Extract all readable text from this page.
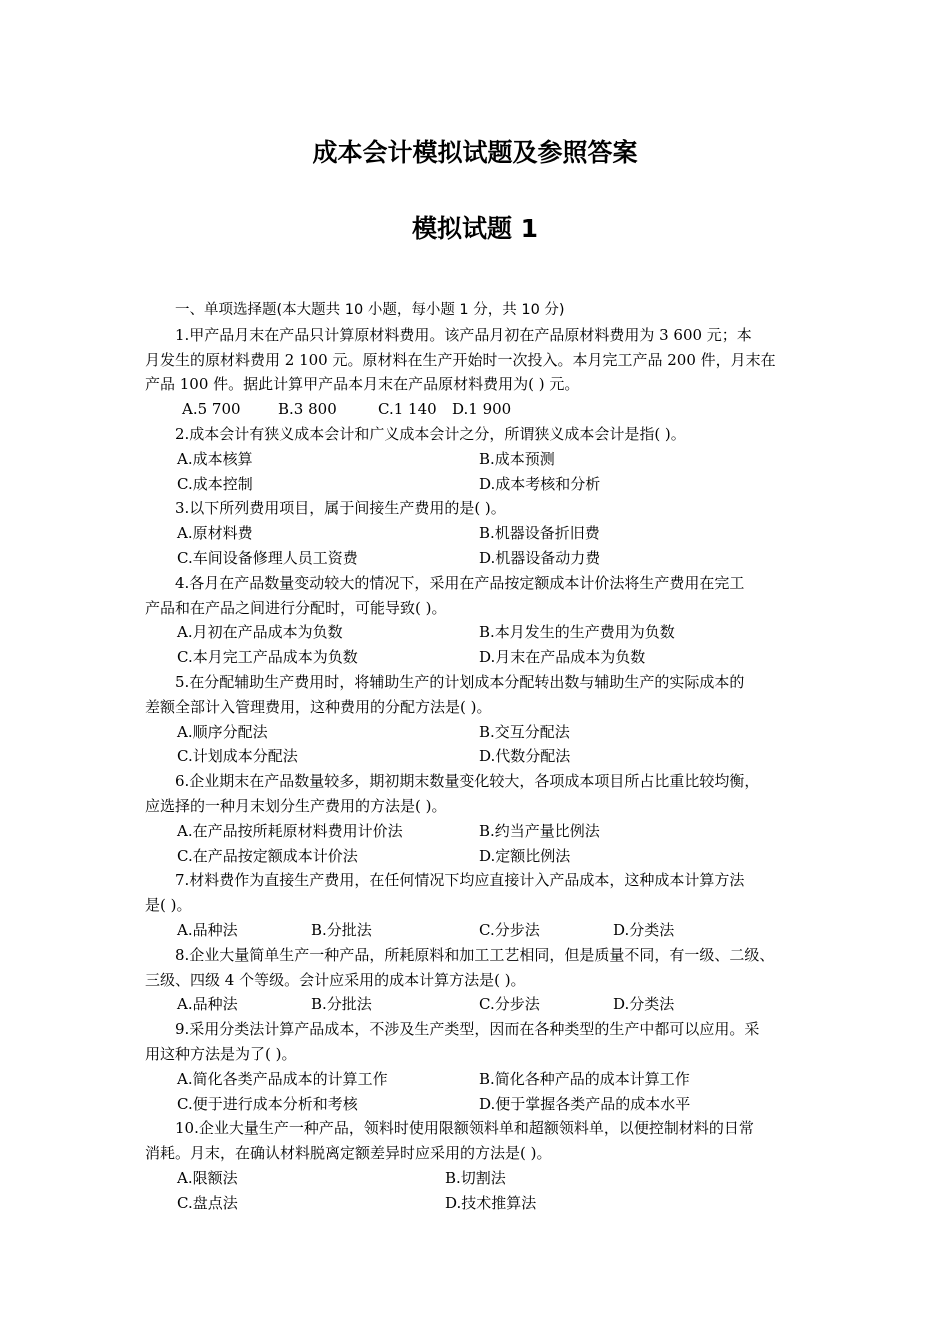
成本会计模拟试题及参照答案
模拟试题 1
一、单项选择题(本大题共 10 小题，每小题 1 分，共 10 分)
1.甲产品月末在产品只计算原材料费用。该产品月初在产品原材料费用为 3 600 元；本
月发生的原材料费用 2 100 元。原材料在生产开始时一次投入。本月完工产品 200 件，月末在
产品 100 件。据此计算甲产品本月末在产品原材料费用为( ) 元。
A.5 700 B.3 800	C.1 140 D.1 900
2.成本会计有狭义成本会计和广义成本会计之分，所谓狭义成本会计是指( )。
A.成本核算	B.成本预测
C.成本控制	D.成本考核和分析
3.以下所列费用项目，属于间接生产费用的是( )。
A.原材料费	B.机器设备折旧费
C.车间设备修理人员工资费	D.机器设备动力费
4.各月在产品数量变动较大的情况下，采用在产品按定额成本计价法将生产费用在完工
产品和在产品之间进行分配时，可能导致( )。
A.月初在产品成本为负数	B.本月发生的生产费用为负数
C.本月完工产品成本为负数	D.月末在产品成本为负数
5.在分配辅助生产费用时，将辅助生产的计划成本分配转出数与辅助生产的实际成本的
差额全部计入管理费用，这种费用的分配方法是( )。
A.顺序分配法	B.交互分配法
C.计划成本分配法	D.代数分配法
6.企业期末在产品数量较多，期初期末数量变化较大，各项成本项目所占比重比较均衡，
应选择的一种月末划分生产费用的方法是( )。
A.在产品按所耗原材料费用计价法	B.约当产量比例法
C.在产品按定额成本计价法	D.定额比例法
7.材料费作为直接生产费用，在任何情况下均应直接计入产品成本，这种成本计算方法
是( )。
A.品种法	B.分批法	C.分步法	D.分类法
8.企业大量简单生产一种产品，所耗原料和加工工艺相同，但是质量不同，有一级、二级、
三级、四级 4 个等级。会计应采用的成本计算方法是( )。
A.品种法	B.分批法	C.分步法	D.分类法
9.采用分类法计算产品成本，不涉及生产类型，因而在各种类型的生产中都可以应用。采
用这种方法是为了( )。
A.简化各类产品成本的计算工作	B.简化各种产品的成本计算工作
C.便于进行成本分析和考核	D.便于掌握各类产品的成本水平
10.企业大量生产一种产品，领料时使用限额领料单和超额领料单，以便控制材料的日常
消耗。月末，在确认材料脱离定额差异时应采用的方法是( )。
A.限额法	B.切割法
C.盘点法	D.技术推算法
